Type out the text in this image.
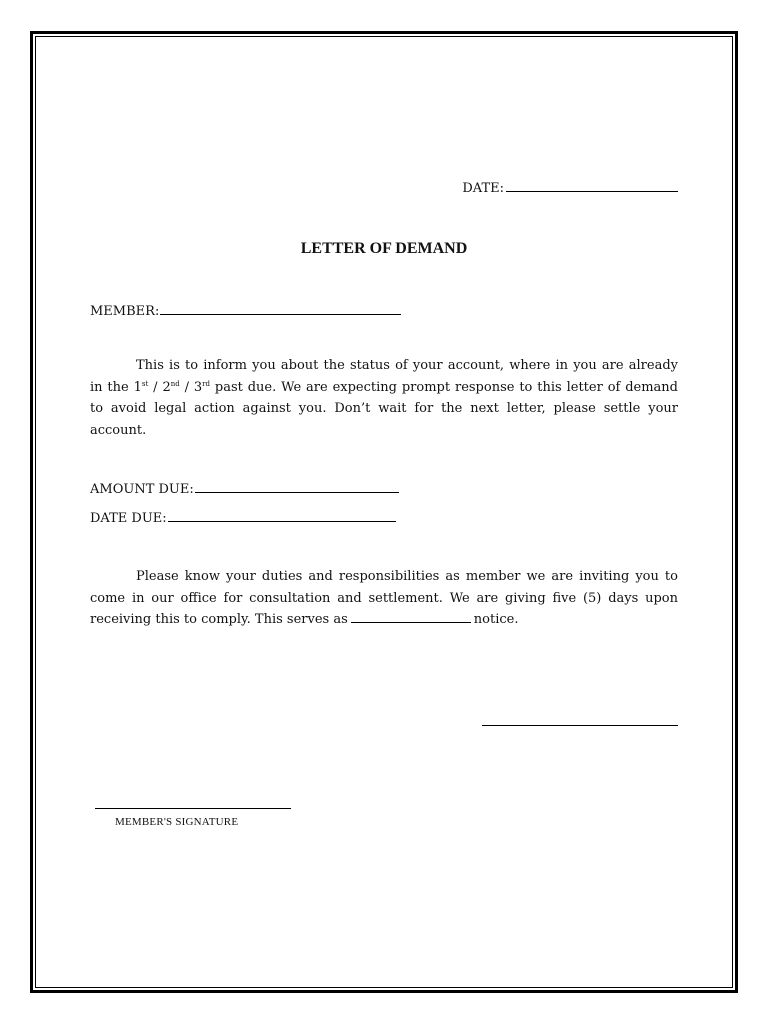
DATE:
LETTER OF DEMAND
MEMBER:
This is to inform you about the status of your account, where in you are already in the 1st / 2nd / 3rd past due. We are expecting prompt response to this letter of demand to avoid legal action against you. Don’t wait for the next letter, please settle your account.
AMOUNT DUE:
DATE DUE:
Please know your duties and responsibilities as member we are inviting you to come in our office for consultation and settlement. We are giving five (5) days upon receiving this to comply. This serves as	notice.
MEMBER'S SIGNATURE
